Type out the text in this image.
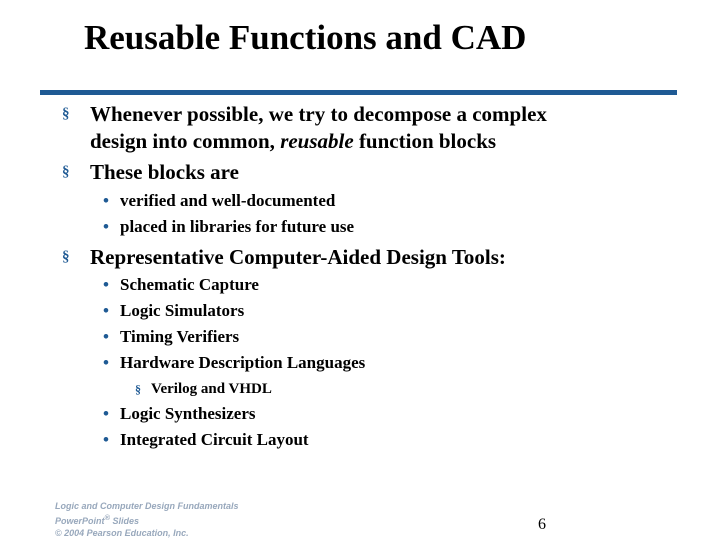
Reusable Functions and CAD
§ Whenever possible, we try to decompose a complex
design into common, reusable function blocks
§ These blocks are
• verified and well-documented
• placed in libraries for future use
§ Representative Computer-Aided Design Tools:
• Schematic Capture
• Logic Simulators
• Timing Verifiers
• Hardware Description Languages
§ Verilog and VHDL
• Logic Synthesizers
• Integrated Circuit Layout
Logic and Computer Design Fundamentals
PowerPoint® Slides
© 2004 Pearson Education, Inc.	6
